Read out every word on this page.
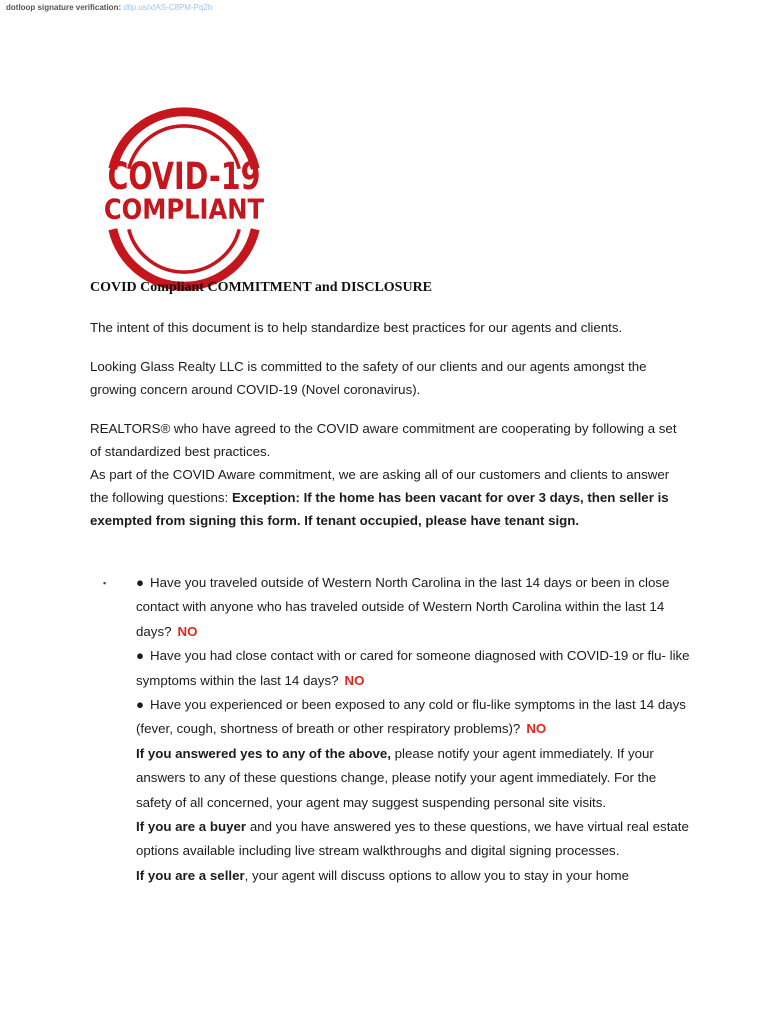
dotloop signature verification: dtlp.us/xtAS-C8PM-Pq2b
COVID-19
COMPLIANT
COVID Compliant COMMITMENT and DISCLOSURE

The intent of this document is to help standardize best practices for our agents and clients.

Looking Glass Realty LLC is committed to the safety of our clients and our agents amongst the growing concern around COVID-19 (Novel coronavirus).

REALTORS® who have agreed to the COVID aware commitment are cooperating by following a set of standardized best practices.

As part of the COVID Aware commitment, we are asking all of our customers and clients to answer the following questions: Exception: If the home has been vacant for over 3 days, then seller is exempted from signing this form. If tenant occupied, please have tenant sign.

▪ ● Have you traveled outside of Western North Carolina in the last 14 days or been in close contact with anyone who has traveled outside of Western North Carolina within the last 14 days? NO

● Have you had close contact with or cared for someone diagnosed with COVID-19 or flu- like symptoms within the last 14 days? NO

● Have you experienced or been exposed to any cold or flu-like symptoms in the last 14 days (fever, cough, shortness of breath or other respiratory problems)? NO

If you answered yes to any of the above, please notify your agent immediately. If your answers to any of these questions change, please notify your agent immediately. For the safety of all concerned, your agent may suggest suspending personal site visits.

If you are a buyer and you have answered yes to these questions, we have virtual real estate options available including live stream walkthroughs and digital signing processes.

If you are a seller, your agent will discuss options to allow you to stay in your home
